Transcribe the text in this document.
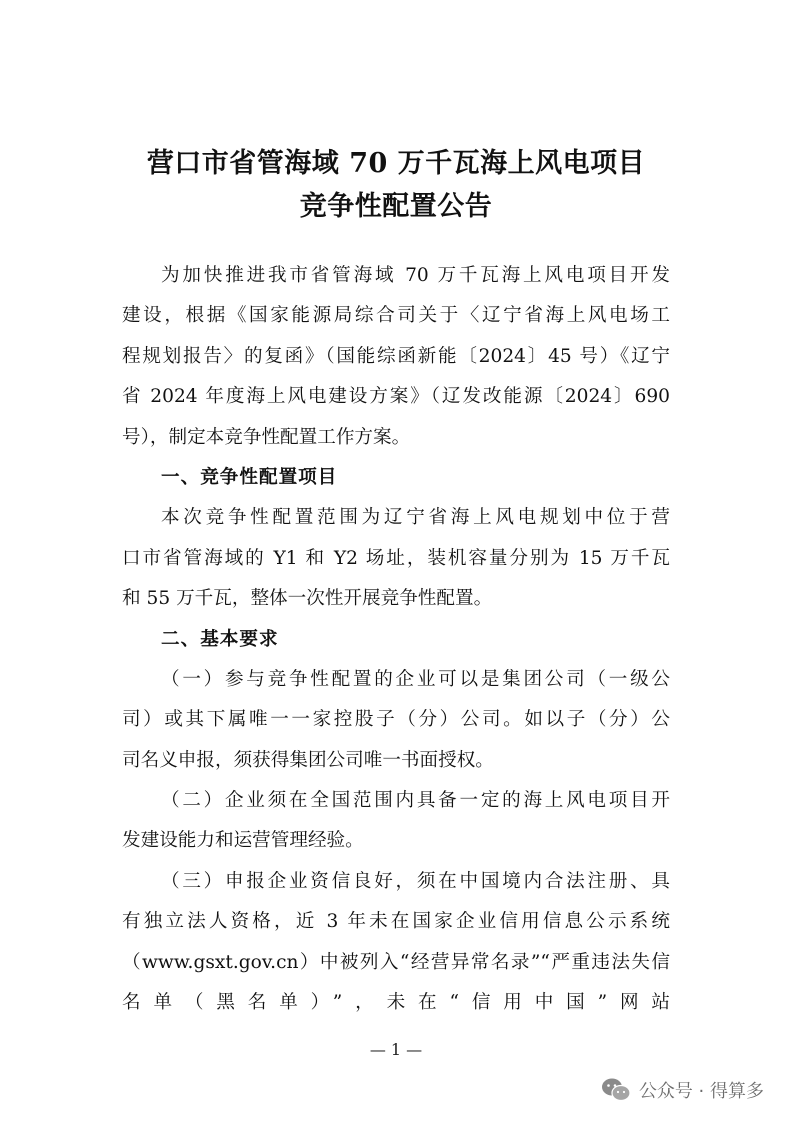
营口市省管海域 70 万千瓦海上风电项目
竞争性配置公告
为加快推进我市省管海域 70 万千瓦海上风电项目开发
建设，根据《国家能源局综合司关于〈辽宁省海上风电场工
程规划报告〉的复函》（国能综函新能〔2024〕45 号）《辽宁
省 2024 年度海上风电建设方案》（辽发改能源〔2024〕690
号），制定本竞争性配置工作方案。
一、竞争性配置项目
本次竞争性配置范围为辽宁省海上风电规划中位于营
口市省管海域的 Y1 和 Y2 场址，装机容量分别为 15 万千瓦
和 55 万千瓦，整体一次性开展竞争性配置。
二、基本要求
（一）参与竞争性配置的企业可以是集团公司（一级公
司）或其下属唯一一家控股子（分）公司。如以子（分）公
司名义申报，须获得集团公司唯一书面授权。
（二）企业须在全国范围内具备一定的海上风电项目开
发建设能力和运营管理经验。
（三）申报企业资信良好，须在中国境内合法注册、具
有独立法人资格，近 3 年未在国家企业信用信息公示系统
（www.gsxt.gov.cn）中被列入“经营异常名录”“严重违法失信
名单（黑名单）”，未在“信用中国”网站
— 1 —
公众号 · 得算多
